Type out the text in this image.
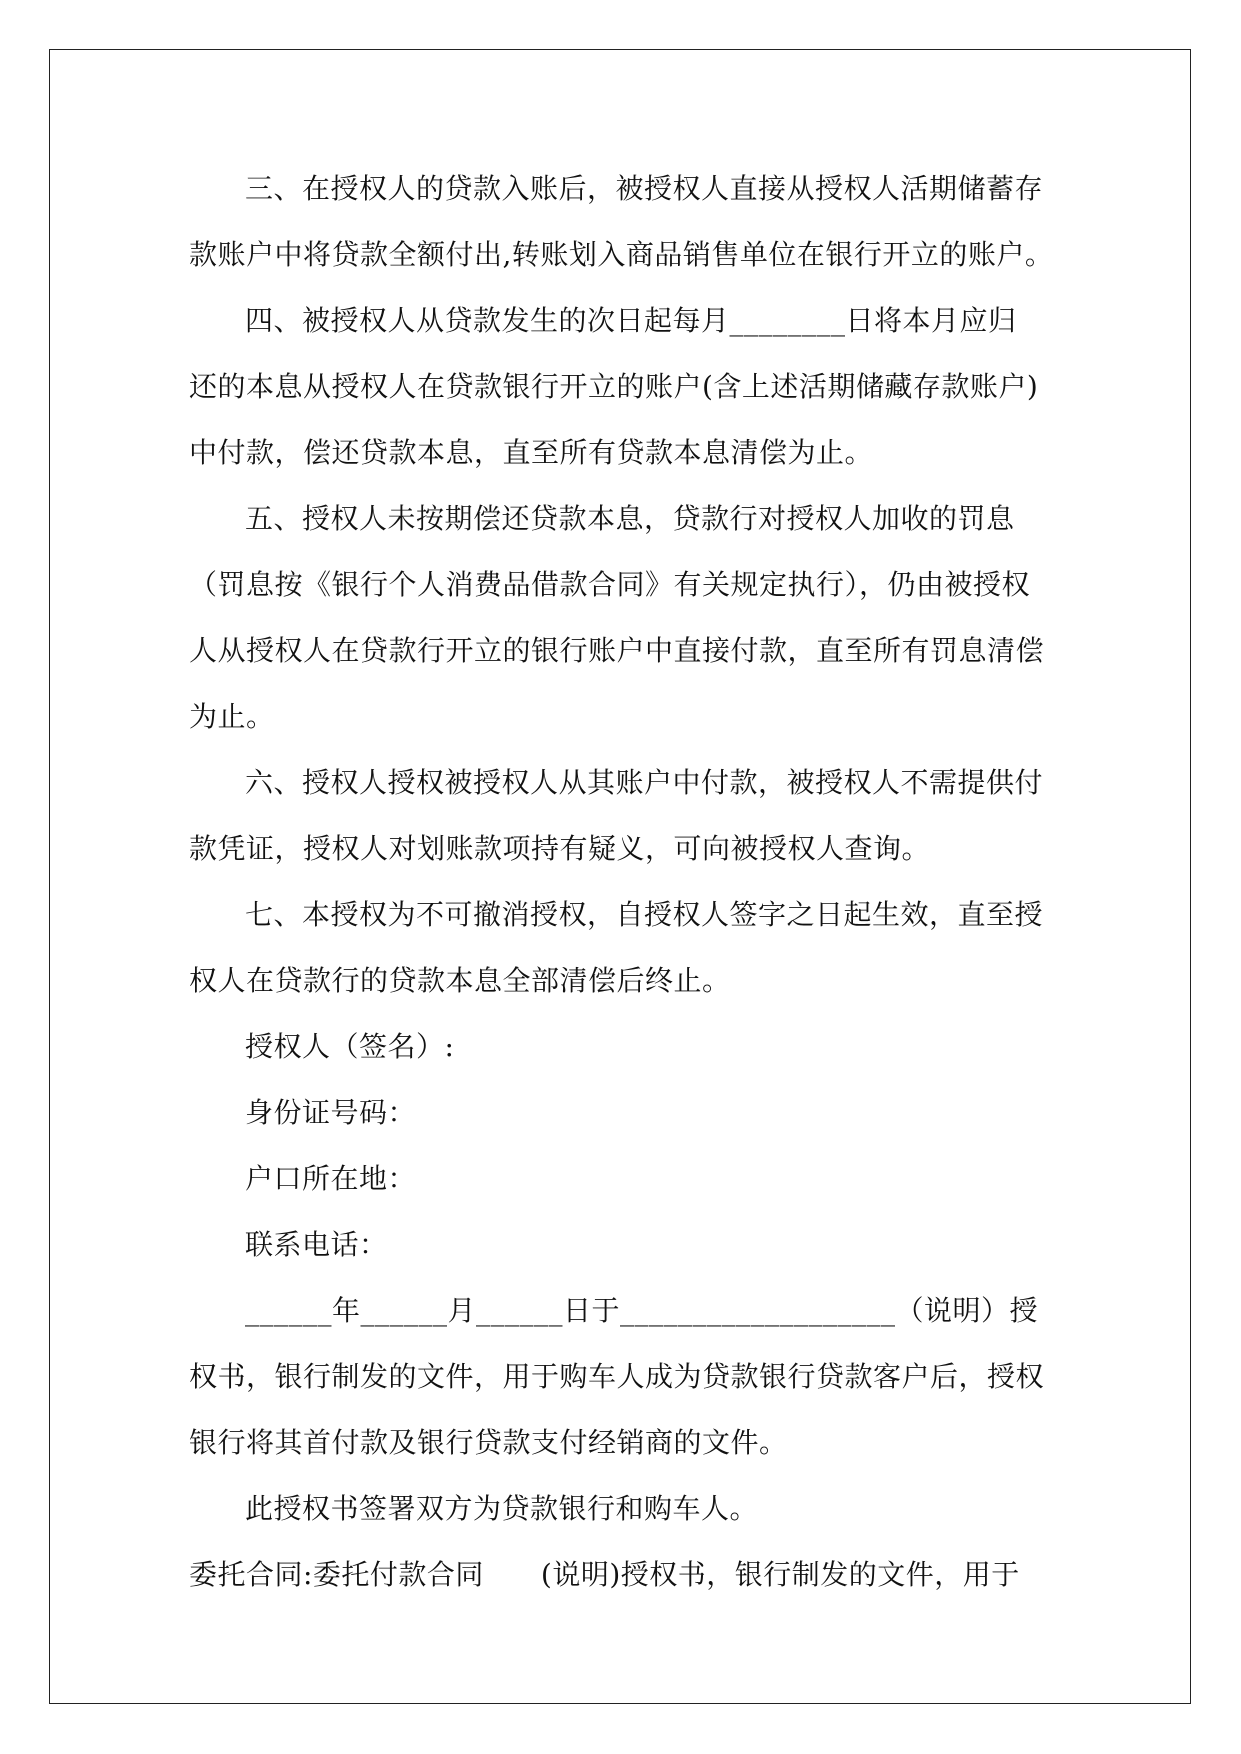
三、在授权人的贷款入账后，被授权人直接从授权人活期储蓄存
款账户中将贷款全额付出,转账划入商品销售单位在银行开立的账户。
四、被授权人从贷款发生的次日起每月________日将本月应归
还的本息从授权人在贷款银行开立的账户(含上述活期储藏存款账户)
中付款，偿还贷款本息，直至所有贷款本息清偿为止。
五、授权人未按期偿还贷款本息，贷款行对授权人加收的罚息
（罚息按《银行个人消费品借款合同》有关规定执行），仍由被授权
人从授权人在贷款行开立的银行账户中直接付款，直至所有罚息清偿
为止。
六、授权人授权被授权人从其账户中付款，被授权人不需提供付
款凭证，授权人对划账款项持有疑义，可向被授权人查询。
七、本授权为不可撤消授权，自授权人签字之日起生效，直至授
权人在贷款行的贷款本息全部清偿后终止。
授权人（签名）:
身份证号码：
户口所在地：
联系电话：
______年______月______日于___________________（说明）授
权书，银行制发的文件，用于购车人成为贷款银行贷款客户后，授权
银行将其首付款及银行贷款支付经销商的文件。
此授权书签署双方为贷款银行和购车人。
委托合同:委托付款合同　　(说明)授权书，银行制发的文件，用于
